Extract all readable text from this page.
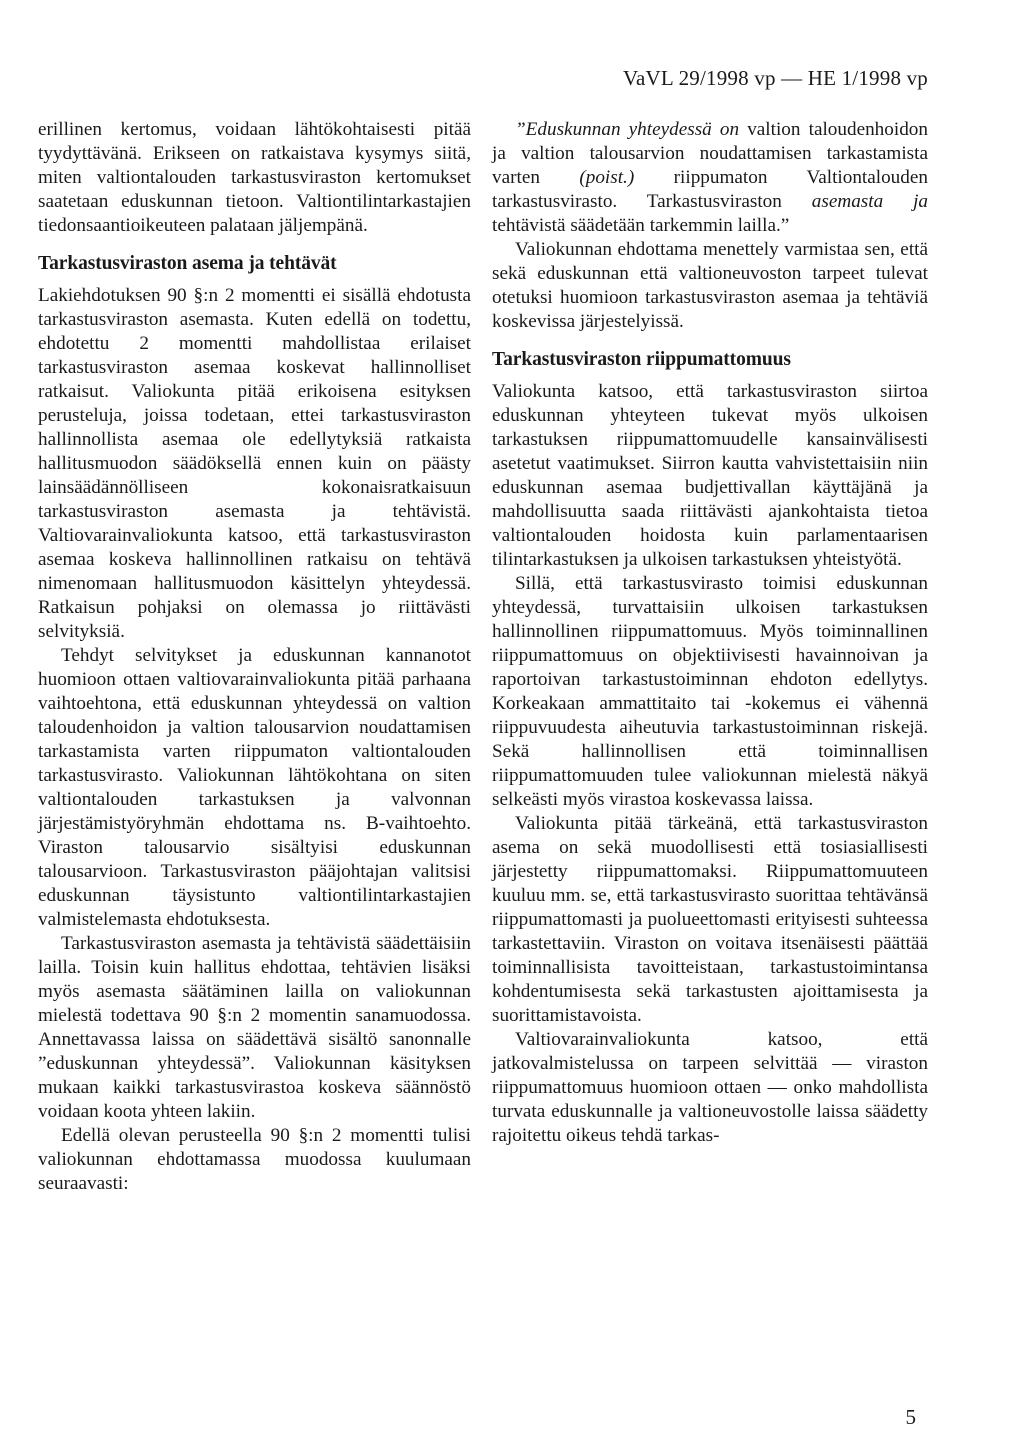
VaVL 29/1998 vp — HE 1/1998 vp

erillinen kertomus, voidaan lähtökohtaisesti pitää tyydyttävänä. Erikseen on ratkaistava kysymys siitä, miten valtiontalouden tarkastusviraston kertomukset saatetaan eduskunnan tietoon. Valtiontilintarkastajien tiedonsaantioikeuteen palataan jäljempänä.

Tarkastusviraston asema ja tehtävät

Lakiehdotuksen 90 §:n 2 momentti ei sisällä ehdotusta tarkastusviraston asemasta. Kuten edellä on todettu, ehdotettu 2 momentti mahdollistaa erilaiset tarkastusviraston asemaa koskevat hallinnolliset ratkaisut. Valiokunta pitää erikoisena esityksen perusteluja, joissa todetaan, ettei tarkastusviraston hallinnollista asemaa ole edellytyksiä ratkaista hallitusmuodon säädöksellä ennen kuin on päästy lainsäädännölliseen kokonaisratkaisuun tarkastusviraston asemasta ja tehtävistä. Valtiovarainvaliokunta katsoo, että tarkastusviraston asemaa koskeva hallinnollinen ratkaisu on tehtävä nimenomaan hallitusmuodon käsittelyn yhteydessä. Ratkaisun pohjaksi on olemassa jo riittävästi selvityksiä.

Tehdyt selvitykset ja eduskunnan kannanotot huomioon ottaen valtiovarainvaliokunta pitää parhaana vaihtoehtona, että eduskunnan yhteydessä on valtion taloudenhoidon ja valtion talousarvion noudattamisen tarkastamista varten riippumaton valtiontalouden tarkastusvirasto. Valiokunnan lähtökohtana on siten valtiontalouden tarkastuksen ja valvonnan järjestämistyöryhmän ehdottama ns. B-vaihtoehto. Viraston talousarvio sisältyisi eduskunnan talousarvioon. Tarkastusviraston pääjohtajan valitsisi eduskunnan täysistunto valtiontilintarkastajien valmistelemasta ehdotuksesta.

Tarkastusviraston asemasta ja tehtävistä säädettäisiin lailla. Toisin kuin hallitus ehdottaa, tehtävien lisäksi myös asemasta säätäminen lailla on valiokunnan mielestä todettava 90 §:n 2 momentin sanamuodossa. Annettavassa laissa on säädettävä sisältö sanonnalle ”eduskunnan yhteydessä”. Valiokunnan käsityksen mukaan kaikki tarkastusvirastoa koskeva säännöstö voidaan koota yhteen lakiin.

Edellä olevan perusteella 90 §:n 2 momentti tulisi valiokunnan ehdottamassa muodossa kuulumaan seuraavasti:

”Eduskunnan yhteydessä on valtion taloudenhoidon ja valtion talousarvion noudattamisen tarkastamista varten (poist.) riippumaton Valtiontalouden tarkastusvirasto. Tarkastusviraston asemasta ja tehtävistä säädetään tarkemmin lailla.”

Valiokunnan ehdottama menettely varmistaa sen, että sekä eduskunnan että valtioneuvoston tarpeet tulevat otetuksi huomioon tarkastusviraston asemaa ja tehtäviä koskevissa järjestelyissä.

Tarkastusviraston riippumattomuus

Valiokunta katsoo, että tarkastusviraston siirtoa eduskunnan yhteyteen tukevat myös ulkoisen tarkastuksen riippumattomuudelle kansainvälisesti asetetut vaatimukset. Siirron kautta vahvistettaisiin niin eduskunnan asemaa budjettivallan käyttäjänä ja mahdollisuutta saada riittävästi ajankohtaista tietoa valtiontalouden hoidosta kuin parlamentaarisen tilintarkastuksen ja ulkoisen tarkastuksen yhteistyötä.

Sillä, että tarkastusvirasto toimisi eduskunnan yhteydessä, turvattaisiin ulkoisen tarkastuksen hallinnollinen riippumattomuus. Myös toiminnallinen riippumattomuus on objektiivisesti havainnoivan ja raportoivan tarkastustoiminnan ehdoton edellytys. Korkeakaan ammattitaito tai -kokemus ei vähennä riippuvuudesta aiheutuvia tarkastustoiminnan riskejä. Sekä hallinnollisen että toiminnallisen riippumattomuuden tulee valiokunnan mielestä näkyä selkeästi myös virastoa koskevassa laissa.

Valiokunta pitää tärkeänä, että tarkastusviraston asema on sekä muodollisesti että tosiasiallisesti järjestetty riippumattomaksi. Riippumattomuuteen kuuluu mm. se, että tarkastusvirasto suorittaa tehtävänsä riippumattomasti ja puolueettomasti erityisesti suhteessa tarkastettaviin. Viraston on voitava itsenäisesti päättää toiminnallisista tavoitteistaan, tarkastustoimintansa kohdentumisesta sekä tarkastusten ajoittamisesta ja suorittamistavoista.

Valtiovarainvaliokunta katsoo, että jatkovalmistelussa on tarpeen selvittää — viraston riippumattomuus huomioon ottaen — onko mahdollista turvata eduskunnalle ja valtioneuvostolle laissa säädetty rajoitettu oikeus tehdä tarkas-

5
